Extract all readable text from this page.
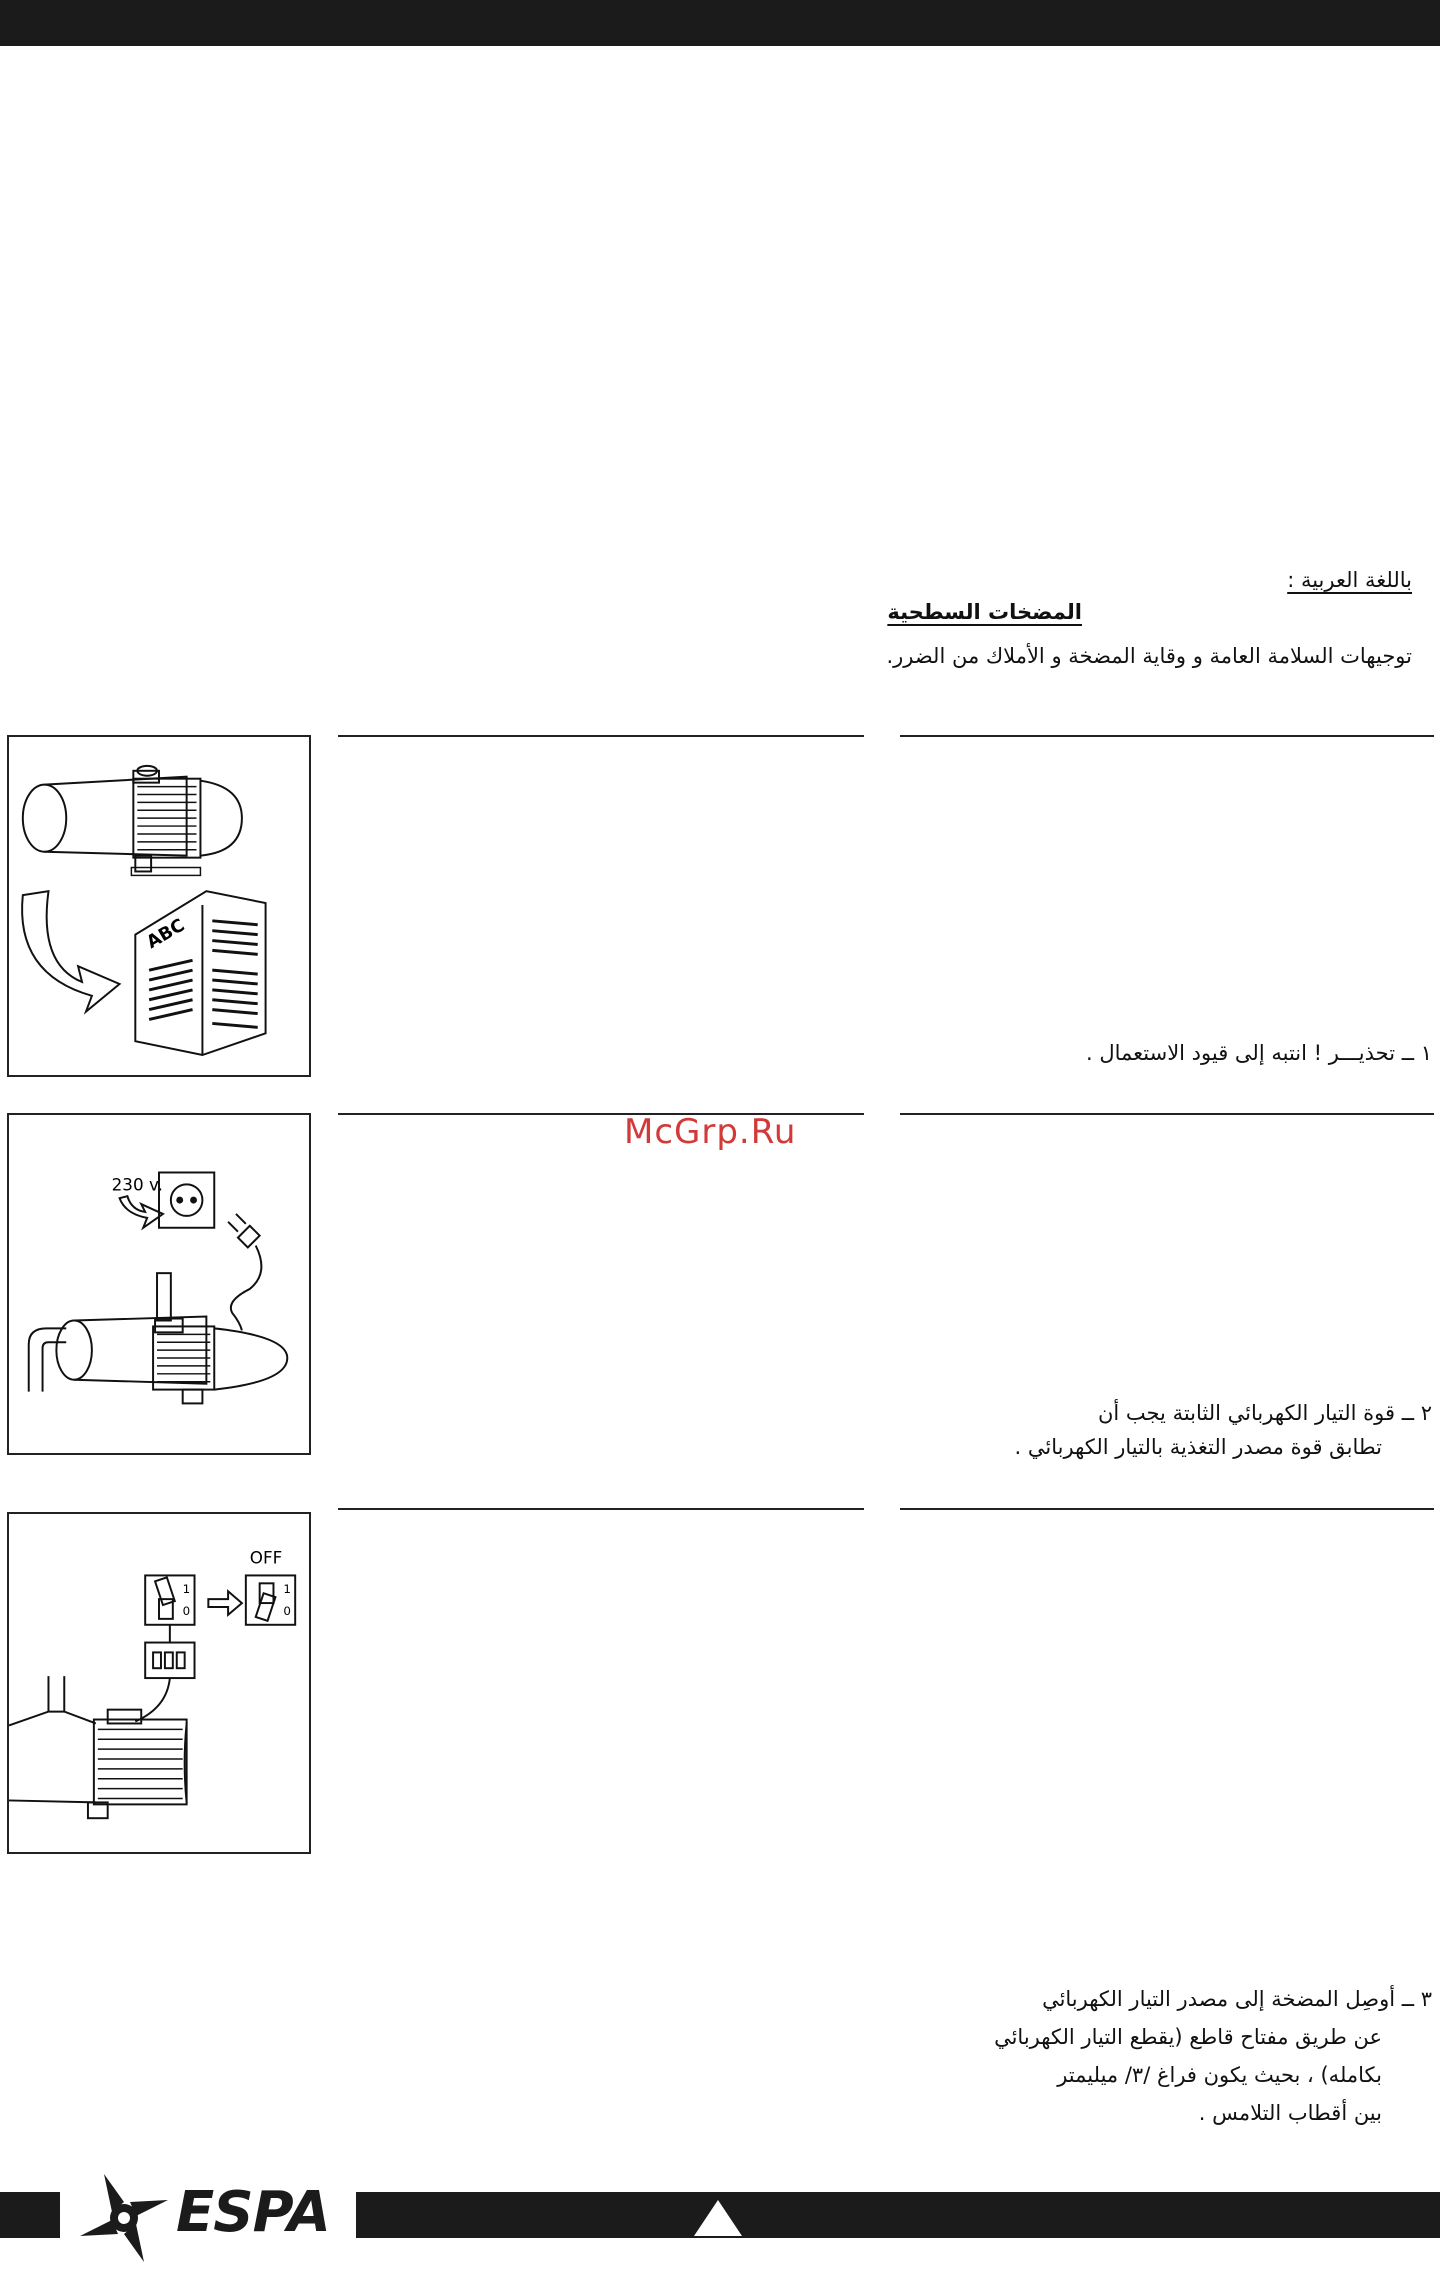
باللغة العربية :
المضخات السطحية
توجيهات السلامة العامة و وقاية المضخة و الأملاك من الضرر.
ABC
١ ــ تحذيـــر ! انتبه إلى قيود الاستعمال .
230 v.
McGrp.Ru
٢ ــ قوة التيار الكهربائي الثابتة يجب أن
تطابق قوة مصدر التغذية بالتيار الكهربائي .
OFF
1
0
1
0
٣ ــ أوصِل المضخة إلى مصدر التيار الكهربائي
عن طريق مفتاح قاطع (يقطع التيار الكهربائي
بكامله) ، بحيث يكون فراغ /٣/ ميليمتر
بين أقطاب التلامس .
ESPA
